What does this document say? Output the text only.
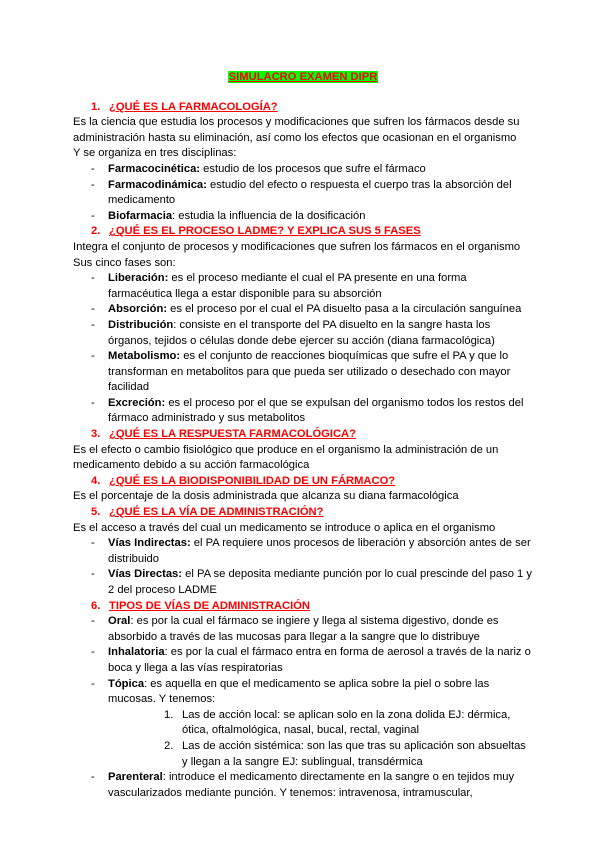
SIMULACRO EXAMEN DIPR

1. ¿QUÉ ES LA FARMACOLOGÍA?

Es la ciencia que estudia los procesos y modificaciones que sufren los fármacos desde su administración hasta su eliminación, así como los efectos que ocasionan en el organismo

Y se organiza en tres disciplinas:

- Farmacocinética: estudio de los procesos que sufre el fármaco
- Farmacodinámica: estudio del efecto o respuesta el cuerpo tras la absorción del medicamento
- Biofarmacia: estudia la influencia de la dosificación

2. ¿QUÉ ES EL PROCESO LADME? Y EXPLICA SUS 5 FASES

Integra el conjunto de procesos y modificaciones que sufren los fármacos en el organismo

Sus cinco fases son:

- Liberación: es el proceso mediante el cual el PA presente en una forma farmacéutica llega a estar disponible para su absorción
- Absorción: es el proceso por el cual el PA disuelto pasa a la circulación sanguínea
- Distribución: consiste en el transporte del PA disuelto en la sangre hasta los órganos, tejidos o células donde debe ejercer su acción (diana farmacológica)
- Metabolismo: es el conjunto de reacciones bioquímicas que sufre el PA y que lo transforman en metabolitos para que pueda ser utilizado o desechado con mayor facilidad
- Excreción: es el proceso por el que se expulsan del organismo todos los restos del fármaco administrado y sus metabolitos

3. ¿QUÉ ES LA RESPUESTA FARMACOLÓGICA?

Es el efecto o cambio fisiológico que produce en el organismo la administración de un medicamento debido a su acción farmacológica

4. ¿QUÉ ES LA BIODISPONIBILIDAD DE UN FÁRMACO?

Es el porcentaje de la dosis administrada que alcanza su diana farmacológica

5. ¿QUÉ ES LA VÍA DE ADMINISTRACIÓN?

Es el acceso a través del cual un medicamento se introduce o aplica en el organismo

- Vías Indirectas: el PA requiere unos procesos de liberación y absorción antes de ser distribuido
- Vías Directas: el PA se deposita mediante punción por lo cual prescinde del paso 1 y 2 del proceso LADME

6. TIPOS DE VÍAS DE ADMINISTRACIÓN

- Oral: es por la cual el fármaco se ingiere y llega al sistema digestivo, donde es absorbido a través de las mucosas para llegar a la sangre que lo distribuye
- Inhalatoria: es por la cual el fármaco entra en forma de aerosol a través de la nariz o boca y llega a las vías respiratorias
- Tópica: es aquella en que el medicamento se aplica sobre la piel o sobre las mucosas. Y tenemos:
1. Las de acción local: se aplican solo en la zona dolida EJ: dérmica, ótica, oftalmológica, nasal, bucal, rectal, vaginal
2. Las de acción sistémica: son las que tras su aplicación son absueltas y llegan a la sangre EJ: sublingual, transdérmica
- Parenteral: introduce el medicamento directamente en la sangre o en tejidos muy vascularizados mediante punción. Y tenemos: intravenosa, intramuscular,
